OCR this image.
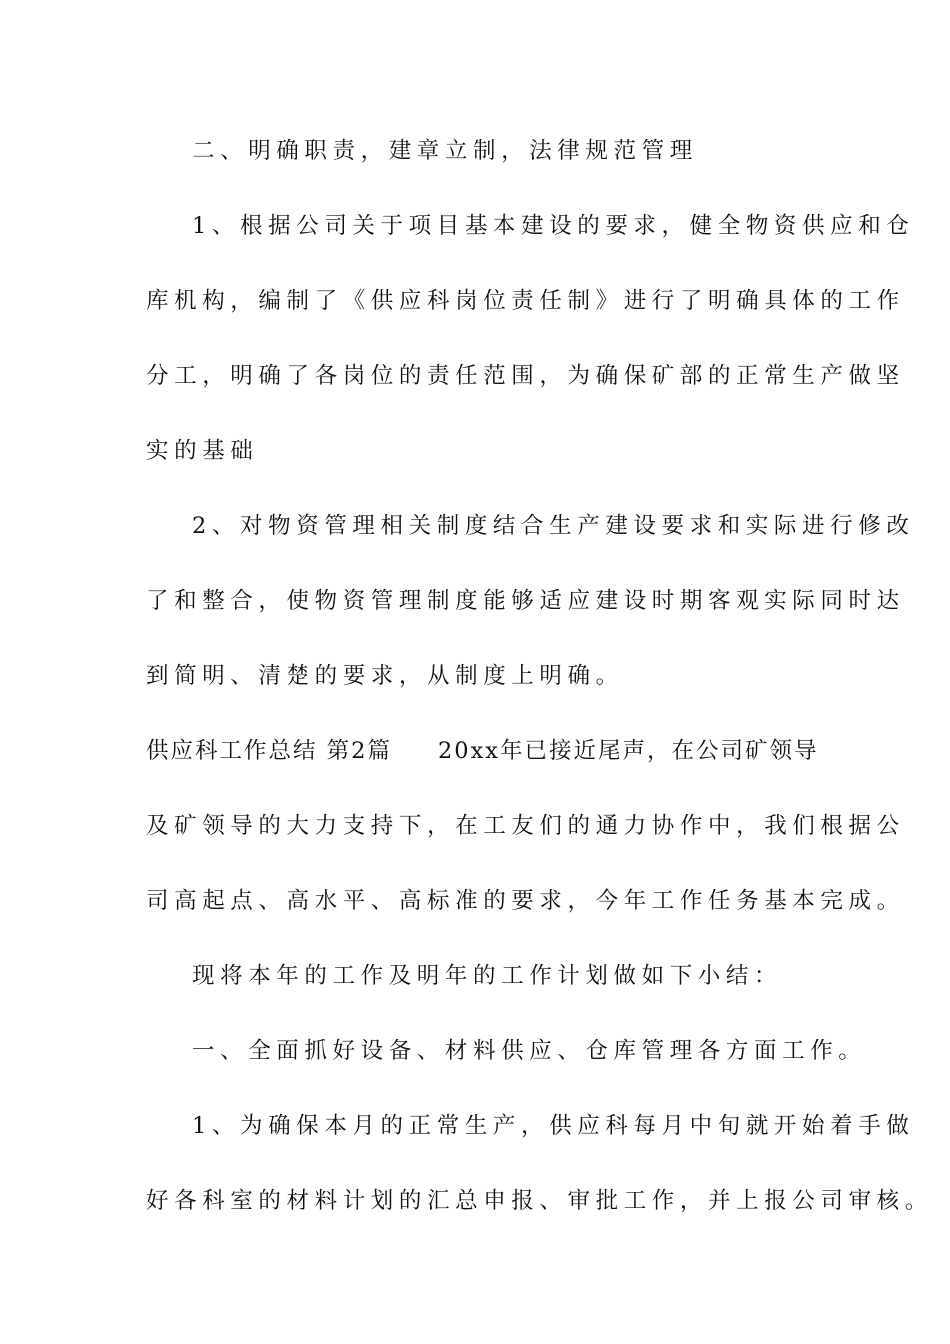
二、明确职责，建章立制，法律规范管理
1、根据公司关于项目基本建设的要求，健全物资供应和仓
库机构，编制了《供应科岗位责任制》进行了明确具体的工作
分工，明确了各岗位的责任范围，为确保矿部的正常生产做坚
实的基础
2、对物资管理相关制度结合生产建设要求和实际进行修改
了和整合，使物资管理制度能够适应建设时期客观实际同时达
到简明、清楚的要求，从制度上明确。
供应科工作总结 第2篇 20xx年已接近尾声，在公司矿领导
及矿领导的大力支持下，在工友们的通力协作中，我们根据公
司高起点、高水平、高标准的要求，今年工作任务基本完成。
现将本年的工作及明年的工作计划做如下小结：
一、全面抓好设备、材料供应、仓库管理各方面工作。
1、为确保本月的正常生产，供应科每月中旬就开始着手做
好各科室的材料计划的汇总申报、审批工作，并上报公司审核。
